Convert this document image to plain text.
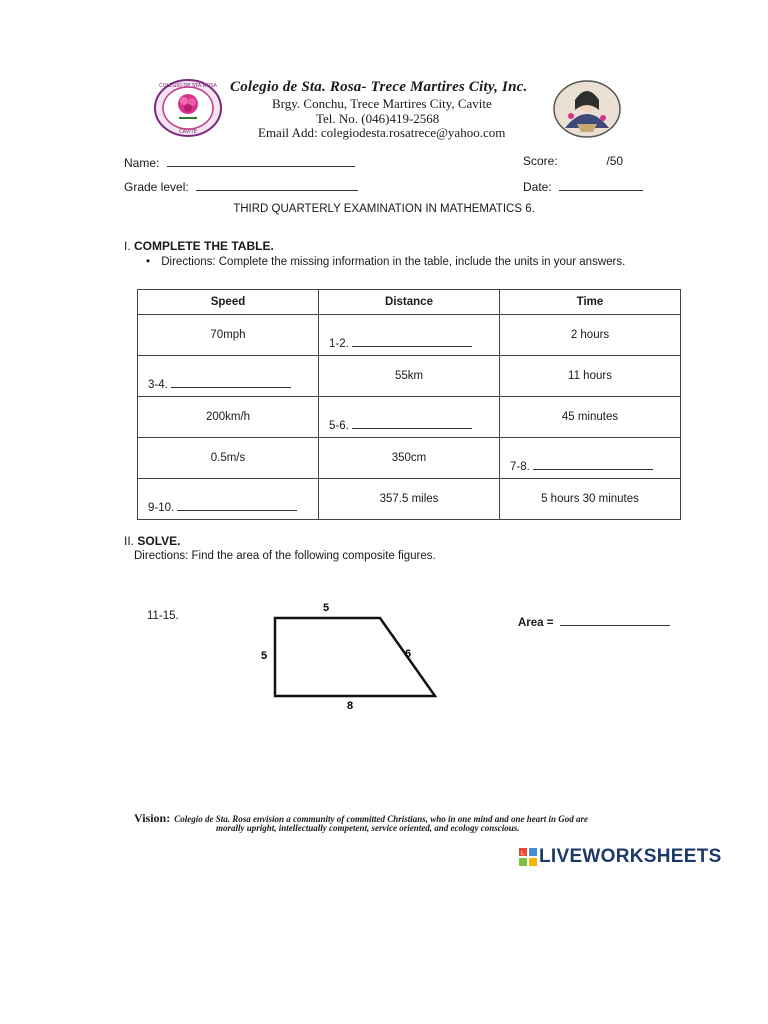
COLEGIO DE STA ROSA
CAVITE
Colegio de Sta. Rosa- Trece Martires City, Inc.
Brgy. Conchu, Trece Martires City, Cavite
Tel. No. (046)419-2568
Email Add: colegiodesta.rosatrece@yahoo.com
Name:	Score:	/50
Grade level:	Date:
THIRD QUARTERLY EXAMINATION IN MATHEMATICS 6.
I. COMPLETE THE TABLE.
• Directions: Complete the missing information in the table, include the units in your answers.
Speed	Distance	Time
70mph	1-2.	2 hours
3-4.	55km	11 hours
200km/h	5-6.	45 minutes
0.5m/s	350cm	7-8.
9-10.	357.5 miles	5 hours 30 minutes
II. SOLVE.
Directions: Find the area of the following composite figures.
11-15.
5
5	6
8
Area =
Vision: Colegio de Sta. Rosa envision a community of committed Christians, who in one mind and one heart in God are
morally upright, intellectually competent, service oriented, and ecology conscious.
L LIVEWORKSHEETS
